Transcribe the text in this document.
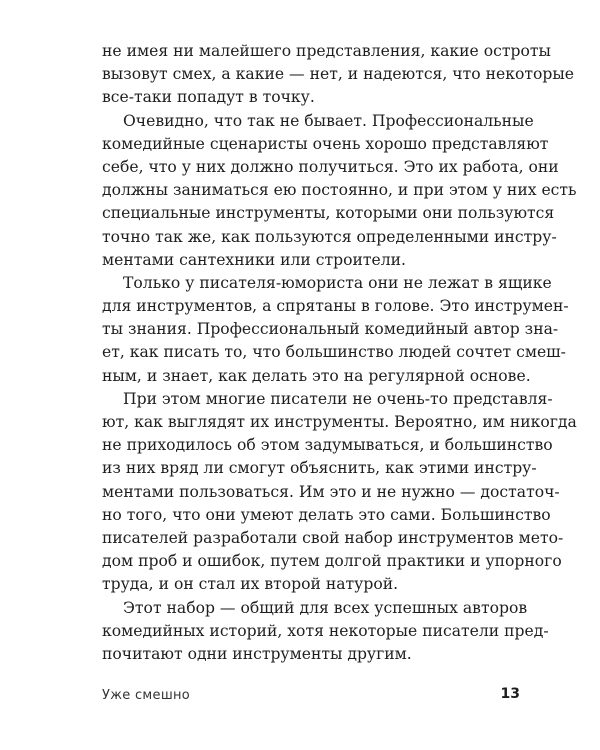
не имея ни малейшего представления, какие остроты
вызовут смех, а какие — нет, и надеются, что некоторые
все-таки попадут в точку.
Очевидно, что так не бывает. Профессиональные
комедийные сценаристы очень хорошо представляют
себе, что у них должно получиться. Это их работа, они
должны заниматься ею постоянно, и при этом у них есть
специальные инструменты, которыми они пользуются
точно так же, как пользуются определенными инстру-
ментами сантехники или строители.
Только у писателя-юмориста они не лежат в ящике
для инструментов, а спрятаны в голове. Это инструмен-
ты знания. Профессиональный комедийный автор зна-
ет, как писать то, что большинство людей сочтет смеш-
ным, и знает, как делать это на регулярной основе.
При этом многие писатели не очень-то представля-
ют, как выглядят их инструменты. Вероятно, им никогда
не приходилось об этом задумываться, и большинство
из них вряд ли смогут объяснить, как этими инстру-
ментами пользоваться. Им это и не нужно — достаточ-
но того, что они умеют делать это сами. Большинство
писателей разработали свой набор инструментов мето-
дом проб и ошибок, путем долгой практики и упорного
труда, и он стал их второй натурой.
Этот набор — общий для всех успешных авторов
комедийных историй, хотя некоторые писатели пред-
почитают одни инструменты другим.
Уже смешно	13
